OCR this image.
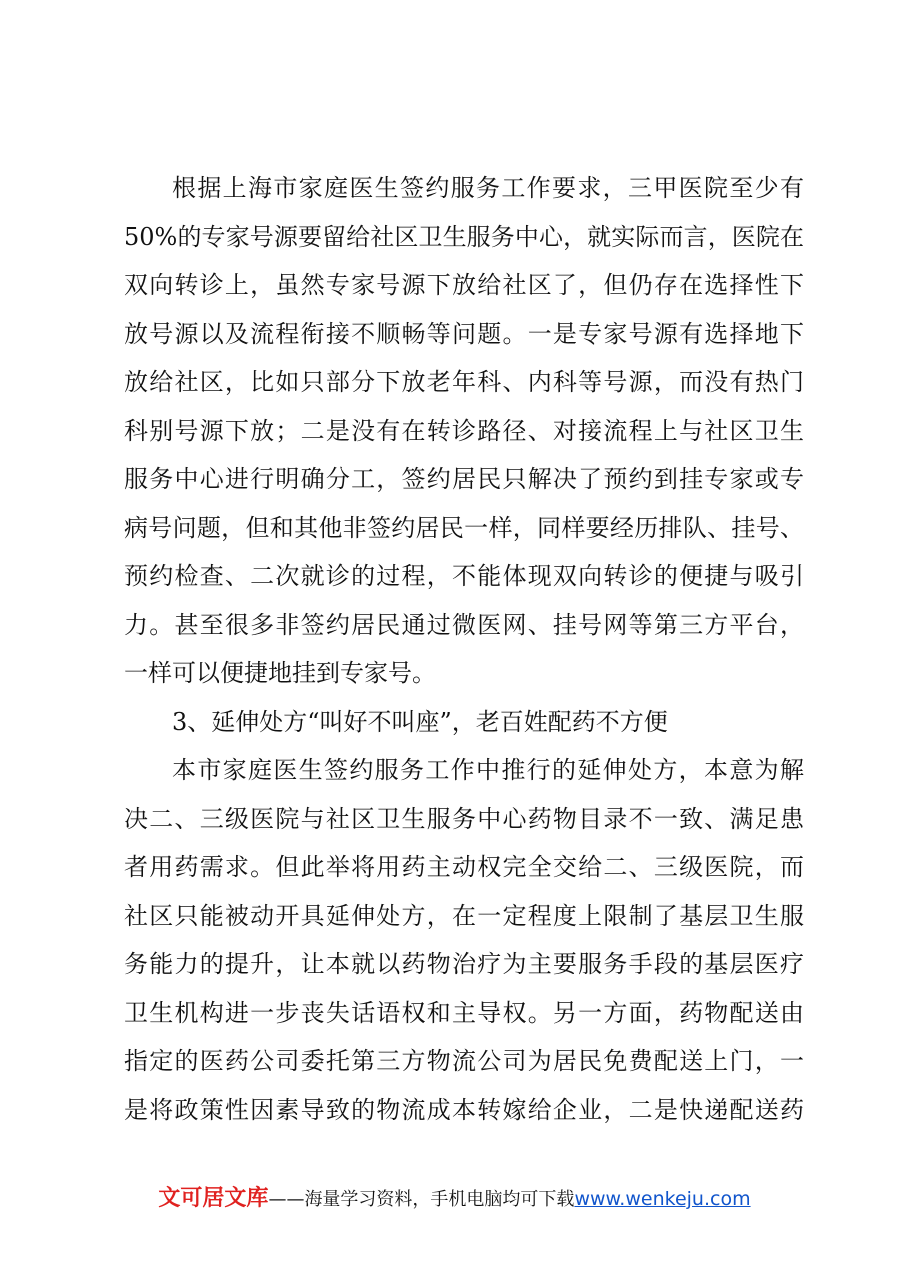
根据上海市家庭医生签约服务工作要求，三甲医院至少有
50%的专家号源要留给社区卫生服务中心，就实际而言，医院在
双向转诊上，虽然专家号源下放给社区了，但仍存在选择性下
放号源以及流程衔接不顺畅等问题。一是专家号源有选择地下
放给社区，比如只部分下放老年科、内科等号源，而没有热门
科别号源下放；二是没有在转诊路径、对接流程上与社区卫生
服务中心进行明确分工，签约居民只解决了预约到挂专家或专
病号问题，但和其他非签约居民一样，同样要经历排队、挂号、
预约检查、二次就诊的过程，不能体现双向转诊的便捷与吸引
力。甚至很多非签约居民通过微医网、挂号网等第三方平台，
一样可以便捷地挂到专家号。
3、延伸处方“叫好不叫座”，老百姓配药不方便
本市家庭医生签约服务工作中推行的延伸处方，本意为解
决二、三级医院与社区卫生服务中心药物目录不一致、满足患
者用药需求。但此举将用药主动权完全交给二、三级医院，而
社区只能被动开具延伸处方，在一定程度上限制了基层卫生服
务能力的提升，让本就以药物治疗为主要服务手段的基层医疗
卫生机构进一步丧失话语权和主导权。另一方面，药物配送由
指定的医药公司委托第三方物流公司为居民免费配送上门，一
是将政策性因素导致的物流成本转嫁给企业，二是快递配送药
文可居文库——海量学习资料，手机电脑均可下载www.wenkeju.com
